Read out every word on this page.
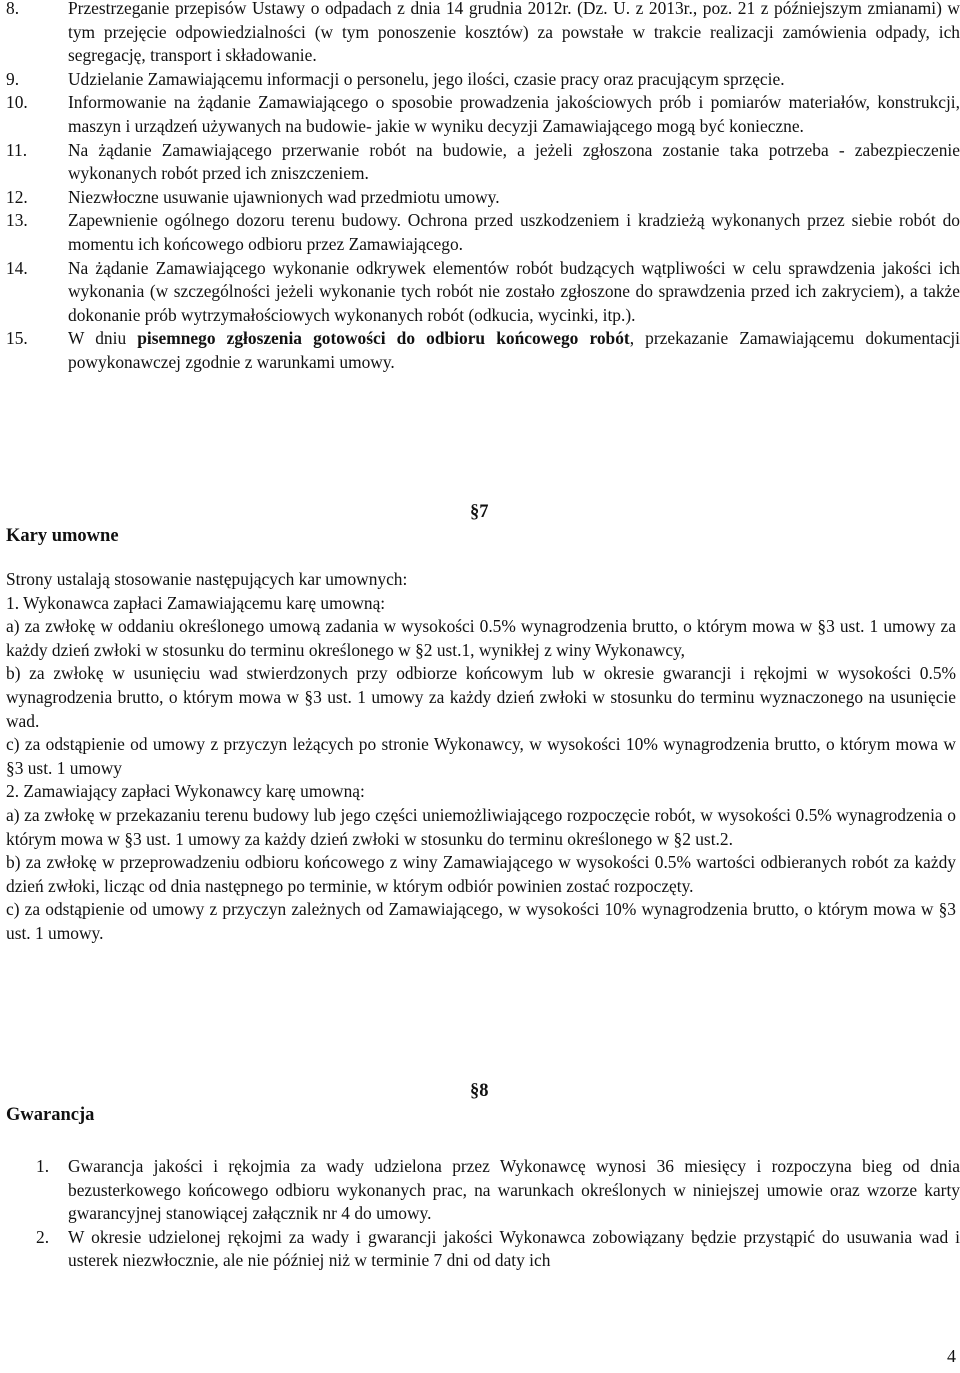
8.	Przestrzeganie przepisów Ustawy o odpadach z dnia 14 grudnia 2012r. (Dz. U. z 2013r., poz. 21 z późniejszym zmianami) w tym przejęcie odpowiedzialności (w tym ponoszenie kosztów) za powstałe w trakcie realizacji zamówienia odpady, ich segregację, transport i składowanie.
9.	Udzielanie Zamawiającemu informacji o personelu, jego ilości, czasie pracy oraz pracującym sprzęcie.
10. Informowanie na żądanie Zamawiającego o sposobie prowadzenia jakościowych prób i pomiarów materiałów, konstrukcji, maszyn i urządzeń używanych na budowie- jakie w wyniku decyzji Zamawiającego mogą być konieczne.
11. Na żądanie Zamawiającego przerwanie robót na budowie, a jeżeli zgłoszona zostanie taka potrzeba - zabezpieczenie wykonanych robót przed ich zniszczeniem.
12. Niezwłoczne usuwanie ujawnionych wad przedmiotu umowy.
13. Zapewnienie ogólnego dozoru terenu budowy. Ochrona przed uszkodzeniem i kradzieżą wykonanych przez siebie robót do momentu ich końcowego odbioru przez Zamawiającego.
14. Na żądanie Zamawiającego wykonanie odkrywek elementów robót budzących wątpliwości w celu sprawdzenia jakości ich wykonania (w szczególności jeżeli wykonanie tych robót nie zostało zgłoszone do sprawdzenia przed ich zakryciem), a także dokonanie prób wytrzymałościowych wykonanych robót (odkucia, wycinki, itp.).
15. W dniu pisemnego zgłoszenia gotowości do odbioru końcowego robót, przekazanie Zamawiającemu dokumentacji powykonawczej zgodnie z warunkami umowy.
§7
Kary umowne
Strony ustalają stosowanie następujących kar umownych:
1. Wykonawca zapłaci Zamawiającemu karę umowną:
a) za zwłokę w oddaniu określonego umową zadania w wysokości 0.5% wynagrodzenia brutto, o którym mowa w §3 ust. 1 umowy za każdy dzień zwłoki w stosunku do terminu określonego w §2 ust.1, wynikłej z winy Wykonawcy,
b) za zwłokę w usunięciu wad stwierdzonych przy odbiorze końcowym lub w okresie gwarancji i rękojmi w wysokości 0.5% wynagrodzenia brutto, o którym mowa w §3 ust. 1 umowy za każdy dzień zwłoki w stosunku do terminu wyznaczonego na usunięcie wad.
c) za odstąpienie od umowy z przyczyn leżących po stronie Wykonawcy, w wysokości 10% wynagrodzenia brutto, o którym mowa w §3 ust. 1 umowy
2. Zamawiający zapłaci Wykonawcy karę umowną:
a) za zwłokę w przekazaniu terenu budowy lub jego części uniemożliwiającego rozpoczęcie robót, w wysokości 0.5% wynagrodzenia o którym mowa w §3 ust. 1 umowy za każdy dzień zwłoki w stosunku do terminu określonego w §2 ust.2.
b) za zwłokę w przeprowadzeniu odbioru końcowego z winy Zamawiającego w wysokości 0.5% wartości odbieranych robót za każdy dzień zwłoki, licząc od dnia następnego po terminie, w którym odbiór powinien zostać rozpoczęty.
c) za odstąpienie od umowy z przyczyn zależnych od Zamawiającego, w wysokości 10% wynagrodzenia brutto, o którym mowa w §3 ust. 1 umowy.
§8
Gwarancja
1. Gwarancja jakości i rękojmia za wady udzielona przez Wykonawcę wynosi 36 miesięcy i rozpoczyna bieg od dnia bezusterkowego końcowego odbioru wykonanych prac, na warunkach określonych w niniejszej umowie oraz wzorze karty gwarancyjnej stanowiącej załącznik nr 4 do umowy.
2. W okresie udzielonej rękojmi za wady i gwarancji jakości Wykonawca zobowiązany będzie przystąpić do usuwania wad i usterek niezwłocznie, ale nie później niż w terminie 7 dni od daty ich
4
